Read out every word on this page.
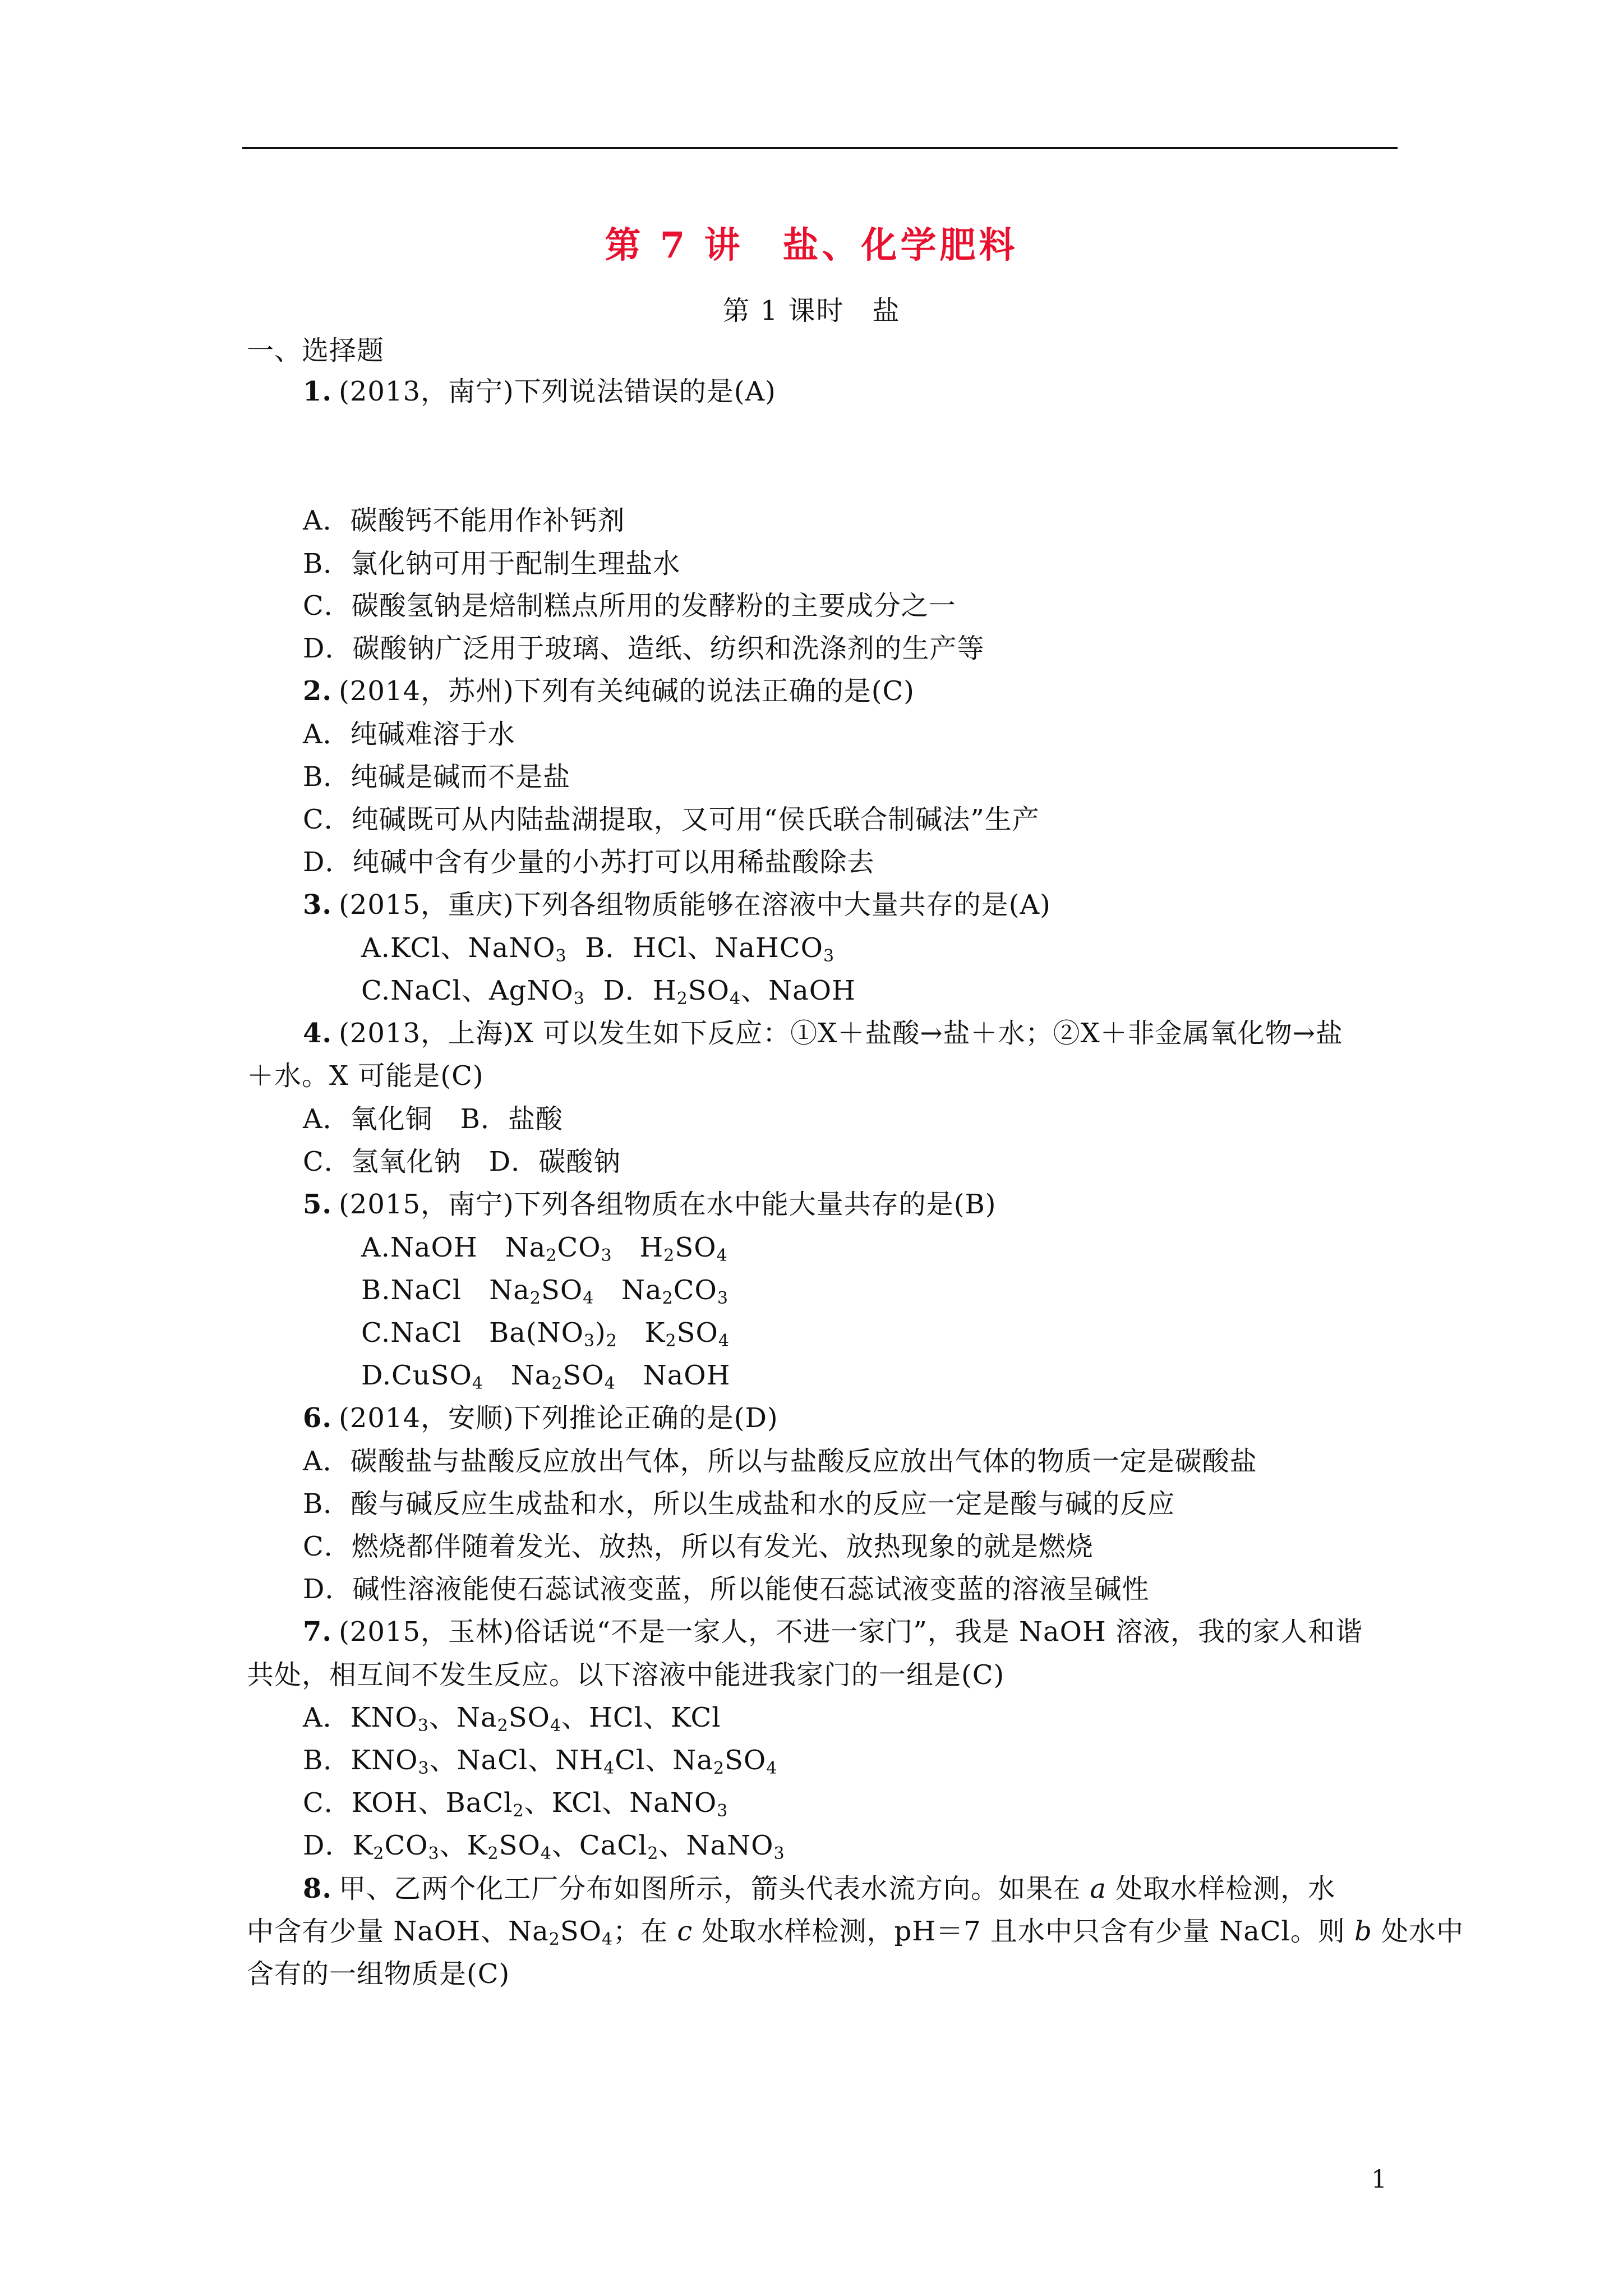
第 7 讲　盐、化学肥料
第 1 课时　盐
一、选择题
1. (2013，南宁)下列说法错误的是(A)
A．碳酸钙不能用作补钙剂
B．氯化钠可用于配制生理盐水
C．碳酸氢钠是焙制糕点所用的发酵粉的主要成分之一
D．碳酸钠广泛用于玻璃、造纸、纺织和洗涤剂的生产等
2. (2014，苏州)下列有关纯碱的说法正确的是(C)
A．纯碱难溶于水
B．纯碱是碱而不是盐
C．纯碱既可从内陆盐湖提取，又可用“侯氏联合制碱法”生产
D．纯碱中含有少量的小苏打可以用稀盐酸除去
3. (2015，重庆)下列各组物质能够在溶液中大量共存的是(A)
A.KCl、NaNO$_3$ B．HCl、NaHCO$_3$
C.NaCl、AgNO$_3$ D．$H_2SO_4$、NaOH
4. (2013，上海)X 可以发生如下反应：①X＋盐酸→盐＋水；②X＋非金属氧化物→盐
＋水。X 可能是(C)
A．氧化铜　B．盐酸
C．氢氧化钠　D．碳酸钠
5. (2015，南宁)下列各组物质在水中能大量共存的是(B)
A.NaOH　$Na_2CO_3$ $H_2SO_4$
B.NaCl　$Na_2SO_4$   $Na_2CO_3$
C.NaCl　$Ba(NO_3)_2$ $K_2SO_4$
D.CuSO$_4$ $Na_2SO_4$ NaOH
6. (2014，安顺)下列推论正确的是(D)
A．碳酸盐与盐酸反应放出气体，所以与盐酸反应放出气体的物质一定是碳酸盐
B．酸与碱反应生成盐和水，所以生成盐和水的反应一定是酸与碱的反应
C．燃烧都伴随着发光、放热，所以有发光、放热现象的就是燃烧
D．碱性溶液能使石蕊试液变蓝，所以能使石蕊试液变蓝的溶液呈碱性
7. (2015，玉林)俗话说“不是一家人，不进一家门”，我是 NaOH 溶液，我的家人和谐
共处，相互间不发生反应。以下溶液中能进我家门的一组是(C)
A．$KNO_3$、$Na_2SO_4$、HCl、KCl
B．$KNO_3$、NaCl、$NH_4Cl$、$Na_2SO_4$
C．KOH、BaCl$_2$、KCl、NaNO$_3$
D．$K_2CO_3$、$K_2SO_4$、CaCl$_2$、NaNO$_3$
8. 甲、乙两个化工厂分布如图所示，箭头代表水流方向。如果在 a 处取水样检测，水
中含有少量 NaOH、$Na_2SO_4$；在 c 处取水样检测，pH＝7 且水中只含有少量 NaCl。则 b 处水中
含有的一组物质是(C)
1
